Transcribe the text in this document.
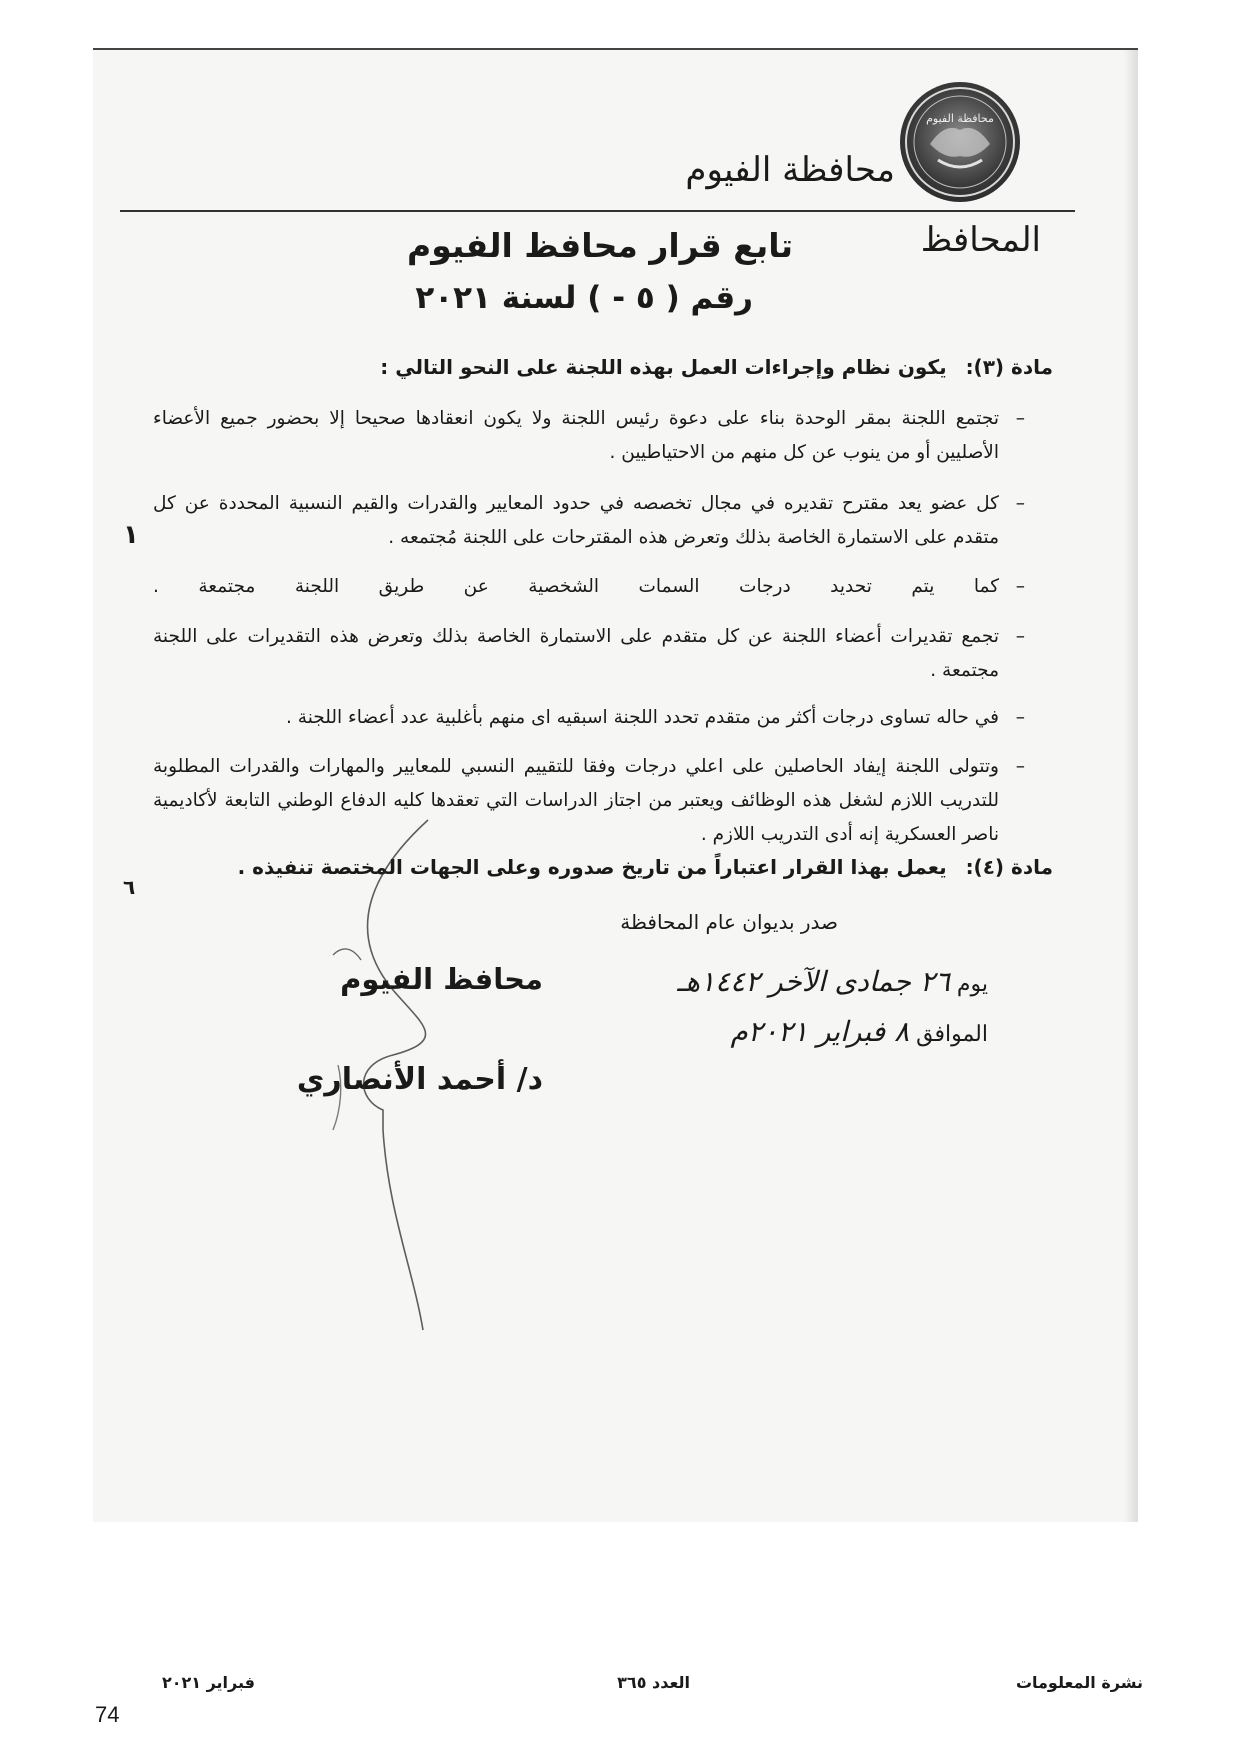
محافظة الفيوم
محافظة الفيوم
المحافظ
تابع قرار محافظ الفيوم
رقم ( ٥ - ) لسنة ٢٠٢١
مادة (٣): يكون نظام وإجراءات العمل بهذه اللجنة على النحو التالي :
–
تجتمع اللجنة بمقر الوحدة بناء على دعوة رئيس اللجنة ولا يكون انعقادها صحيحا إلا بحضور جميع الأعضاء الأصليين أو من ينوب عن كل منهم من الاحتياطيين .
–
كل عضو يعد مقترح تقديره في مجال تخصصه في حدود المعايير والقدرات والقيم النسبية المحددة عن كل متقدم على الاستمارة الخاصة بذلك وتعرض هذه المقترحات على اللجنة مُجتمعه .
–
كما يتم تحديد درجات السمات الشخصية عن طريق اللجنة مجتمعة .
–
تجمع تقديرات أعضاء اللجنة عن كل متقدم على الاستمارة الخاصة بذلك وتعرض هذه التقديرات على اللجنة مجتمعة .
–
في حاله تساوى درجات أكثر من متقدم تحدد اللجنة اسبقيه اى منهم بأغلبية عدد أعضاء اللجنة .
–
وتتولى اللجنة إيفاد الحاصلين على اعلي درجات وفقا للتقييم النسبي للمعايير والمهارات والقدرات المطلوبة للتدريب اللازم لشغل هذه الوظائف ويعتبر من اجتاز الدراسات التي تعقدها كليه الدفاع الوطني التابعة لأكاديمية ناصر العسكرية إنه أدى التدريب اللازم .
مادة (٤): يعمل بهذا القرار اعتباراً من تاريخ صدوره وعلى الجهات المختصة تنفيذه .
صدر بديوان عام المحافظة
يوم ٢٦ جمادى الآخر ١٤٤٢هـ
الموافق ٨ فبراير ٢٠٢١م
محافظ الفيوم
د/ أحمد الأنصاري
١
٦
نشرة المعلومات
العدد ٣٦٥
فبراير ٢٠٢١
74
